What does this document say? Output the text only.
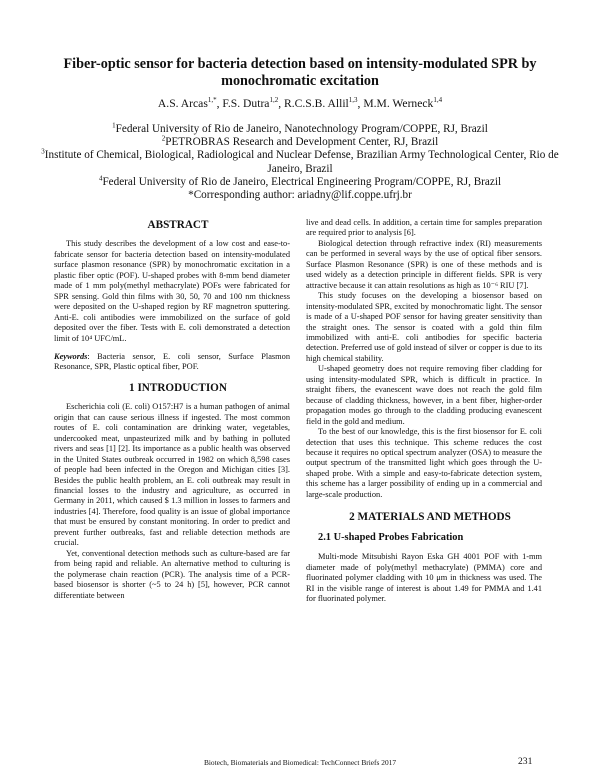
Fiber-optic sensor for bacteria detection based on intensity-modulated SPR by monochromatic excitation
A.S. Arcas$^{1,*}$, F.S. Dutra$^{1,2}$, R.C.S.B. Allil$^{1,3}$, M.M. Werneck$^{1,4}$

$^1$Federal University of Rio de Janeiro, Nanotechnology Program/COPPE, RJ, Brazil

$^2$PETROBRAS Research and Development Center, RJ, Brazil

$^3$Institute of Chemical, Biological, Radiological and Nuclear Defense, Brazilian Army Technological Center, Rio de Janeiro, Brazil

$^4$Federal University of Rio de Janeiro, Electrical Engineering Program/COPPE, RJ, Brazil

*Corresponding author: ariadny@lif.coppe.ufrj.br

ABSTRACT

This study describes the development of a low cost and ease-to-fabricate sensor for bacteria detection based on intensity-modulated surface plasmon resonance (SPR) by monochromatic excitation in a plastic fiber optic (POF). U-shaped probes with 8-mm bend diameter made of 1 mm poly(methyl methacrylate) POFs were fabricated for SPR sensing. Gold thin films with 30, 50, 70 and 100 nm thickness were deposited on the U-shaped region by RF magnetron sputtering. Anti-E. coli antibodies were immobilized on the surface of gold deposited over the fiber. Tests with E. coli demonstrated a detection limit of 10⁴ UFC/mL.

Keywords: Bacteria sensor, E. coli sensor, Surface Plasmon Resonance, SPR, Plastic optical fiber, POF.

1 INTRODUCTION

Escherichia coli (E. coli) O157:H7 is a human pathogen of animal origin that can cause serious illness if ingested. The most common routes of E. coli contamination are drinking water, vegetables, undercooked meat, unpasteurized milk and by bathing in polluted rivers and seas [1] [2]. Its importance as a public health was observed in the United States outbreak occurred in 1982 on which 8,598 cases of people had been infected in the Oregon and Michigan cities [3]. Besides the public health problem, an E. coli outbreak may result in financial losses to the industry and agriculture, as occurred in Germany in 2011, which caused $ 1.3 million in losses to farmers and industries [4]. Therefore, food quality is an issue of global importance that must be ensured by constant monitoring. In order to predict and prevent further outbreaks, fast and reliable detection methods are crucial.

Yet, conventional detection methods such as culture-based are far from being rapid and reliable. An alternative method to culturing is the polymerase chain reaction (PCR). The analysis time of a PCR-based biosensor is shorter (~5 to 24 h) [5], however, PCR cannot differentiate between

live and dead cells. In addition, a certain time for samples preparation are required prior to analysis [6].

Biological detection through refractive index (RI) measurements can be performed in several ways by the use of optical fiber sensors. Surface Plasmon Resonance (SPR) is one of these methods and is used widely as a detection principle in different fields. SPR is very attractive because it can attain resolutions as high as 10⁻⁶ RIU [7].

This study focuses on the developing a biosensor based on intensity-modulated SPR, excited by monochromatic light. The sensor is made of a U-shaped POF sensor for having greater sensitivity than the straight ones. The sensor is coated with a gold thin film immobilized with anti-E. coli antibodies for specific bacteria detection. Preferred use of gold instead of silver or copper is due to its high chemical stability.

U-shaped geometry does not require removing fiber cladding for using intensity-modulated SPR, which is difficult in practice. In straight fibers, the evanescent wave does not reach the gold film because of cladding thickness, however, in a bent fiber, higher-order propagation modes go through to the cladding producing evanescent field in the gold and medium.

To the best of our knowledge, this is the first biosensor for E. coli detection that uses this technique. This scheme reduces the cost because it requires no optical spectrum analyzer (OSA) to measure the output spectrum of the transmitted light which goes through the U-shaped probe. With a simple and easy-to-fabricate detection system, this scheme has a larger possibility of ending up in a commercial and large-scale production.

2 MATERIALS AND METHODS

2.1 U-shaped Probes Fabrication

Multi-mode Mitsubishi Rayon Eska GH 4001 POF with 1-mm diameter made of poly(methyl methacrylate) (PMMA) core and fluorinated polymer cladding with 10 μm in thickness was used. The RI in the visible range of interest is about 1.49 for PMMA and 1.41 for fluorinated polymer.

Biotech, Biomaterials and Biomedical: TechConnect Briefs 2017	231
